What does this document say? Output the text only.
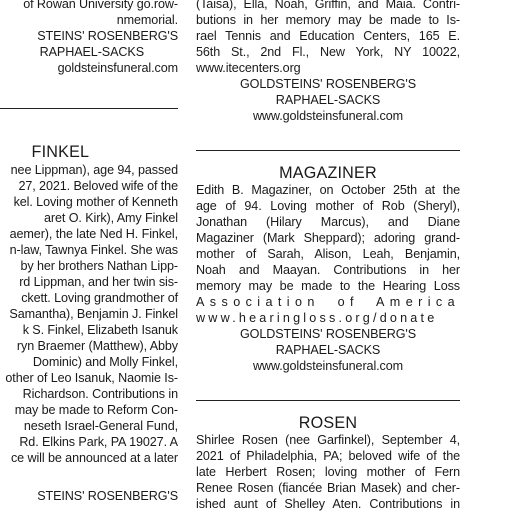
of Rowan University go.row-
nmemorial.
STEINS' ROSENBERG'S
RAPHAEL-SACKS
goldsteinsfuneral.com
FINKEL
nee Lippman), age 94, passed
27, 2021. Beloved wife of the
kel. Loving mother of Kenneth
aret O. Kirk), Amy Finkel
aemer), the late Ned H. Finkel,
n-law, Tawnya Finkel. She was
by her brothers Nathan Lipp-
rd Lippman, and her twin sis-
ckett. Loving grandmother of
Samantha), Benjamin J. Finkel
k S. Finkel, Elizabeth Isanuk
ryn Braemer (Matthew), Abby
Dominic) and Molly Finkel,
other of Leo Isanuk, Naomie Is-
Richardson. Contributions in
may be made to Reform Con-
neseth Israel-General Fund,
Rd. Elkins Park, PA 19027. A
ce will be announced at a later
STEINS' ROSENBERG'S
(Taisa), Ella, Noah, Griffin, and Maia. Contri-
butions in her memory may be made to Is-
rael Tennis and Education Centers, 165 E.
56th St., 2nd Fl., New York, NY 10022,
www.itecenters.org
GOLDSTEINS' ROSENBERG'S
RAPHAEL-SACKS
www.goldsteinsfuneral.com
MAGAZINER
Edith B. Magaziner, on October 25th at the
age of 94. Loving mother of Rob (Sheryl),
Jonathan (Hilary Marcus), and Diane
Magaziner (Mark Sheppard); adoring grand-
mother of Sarah, Alison, Leah, Benjamin,
Noah and Maayan. Contributions in her
memory may be made to the Hearing Loss
Association of America
www.hearingloss.org/donate
GOLDSTEINS' ROSENBERG'S
RAPHAEL-SACKS
www.goldsteinsfuneral.com
ROSEN
Shirlee Rosen (nee Garfinkel), September 4,
2021 of Philadelphia, PA; beloved wife of the
late Herbert Rosen; loving mother of Fern
Renee Rosen (fiancée Brian Masek) and cher-
ished aunt of Shelley Aten. Contributions in
